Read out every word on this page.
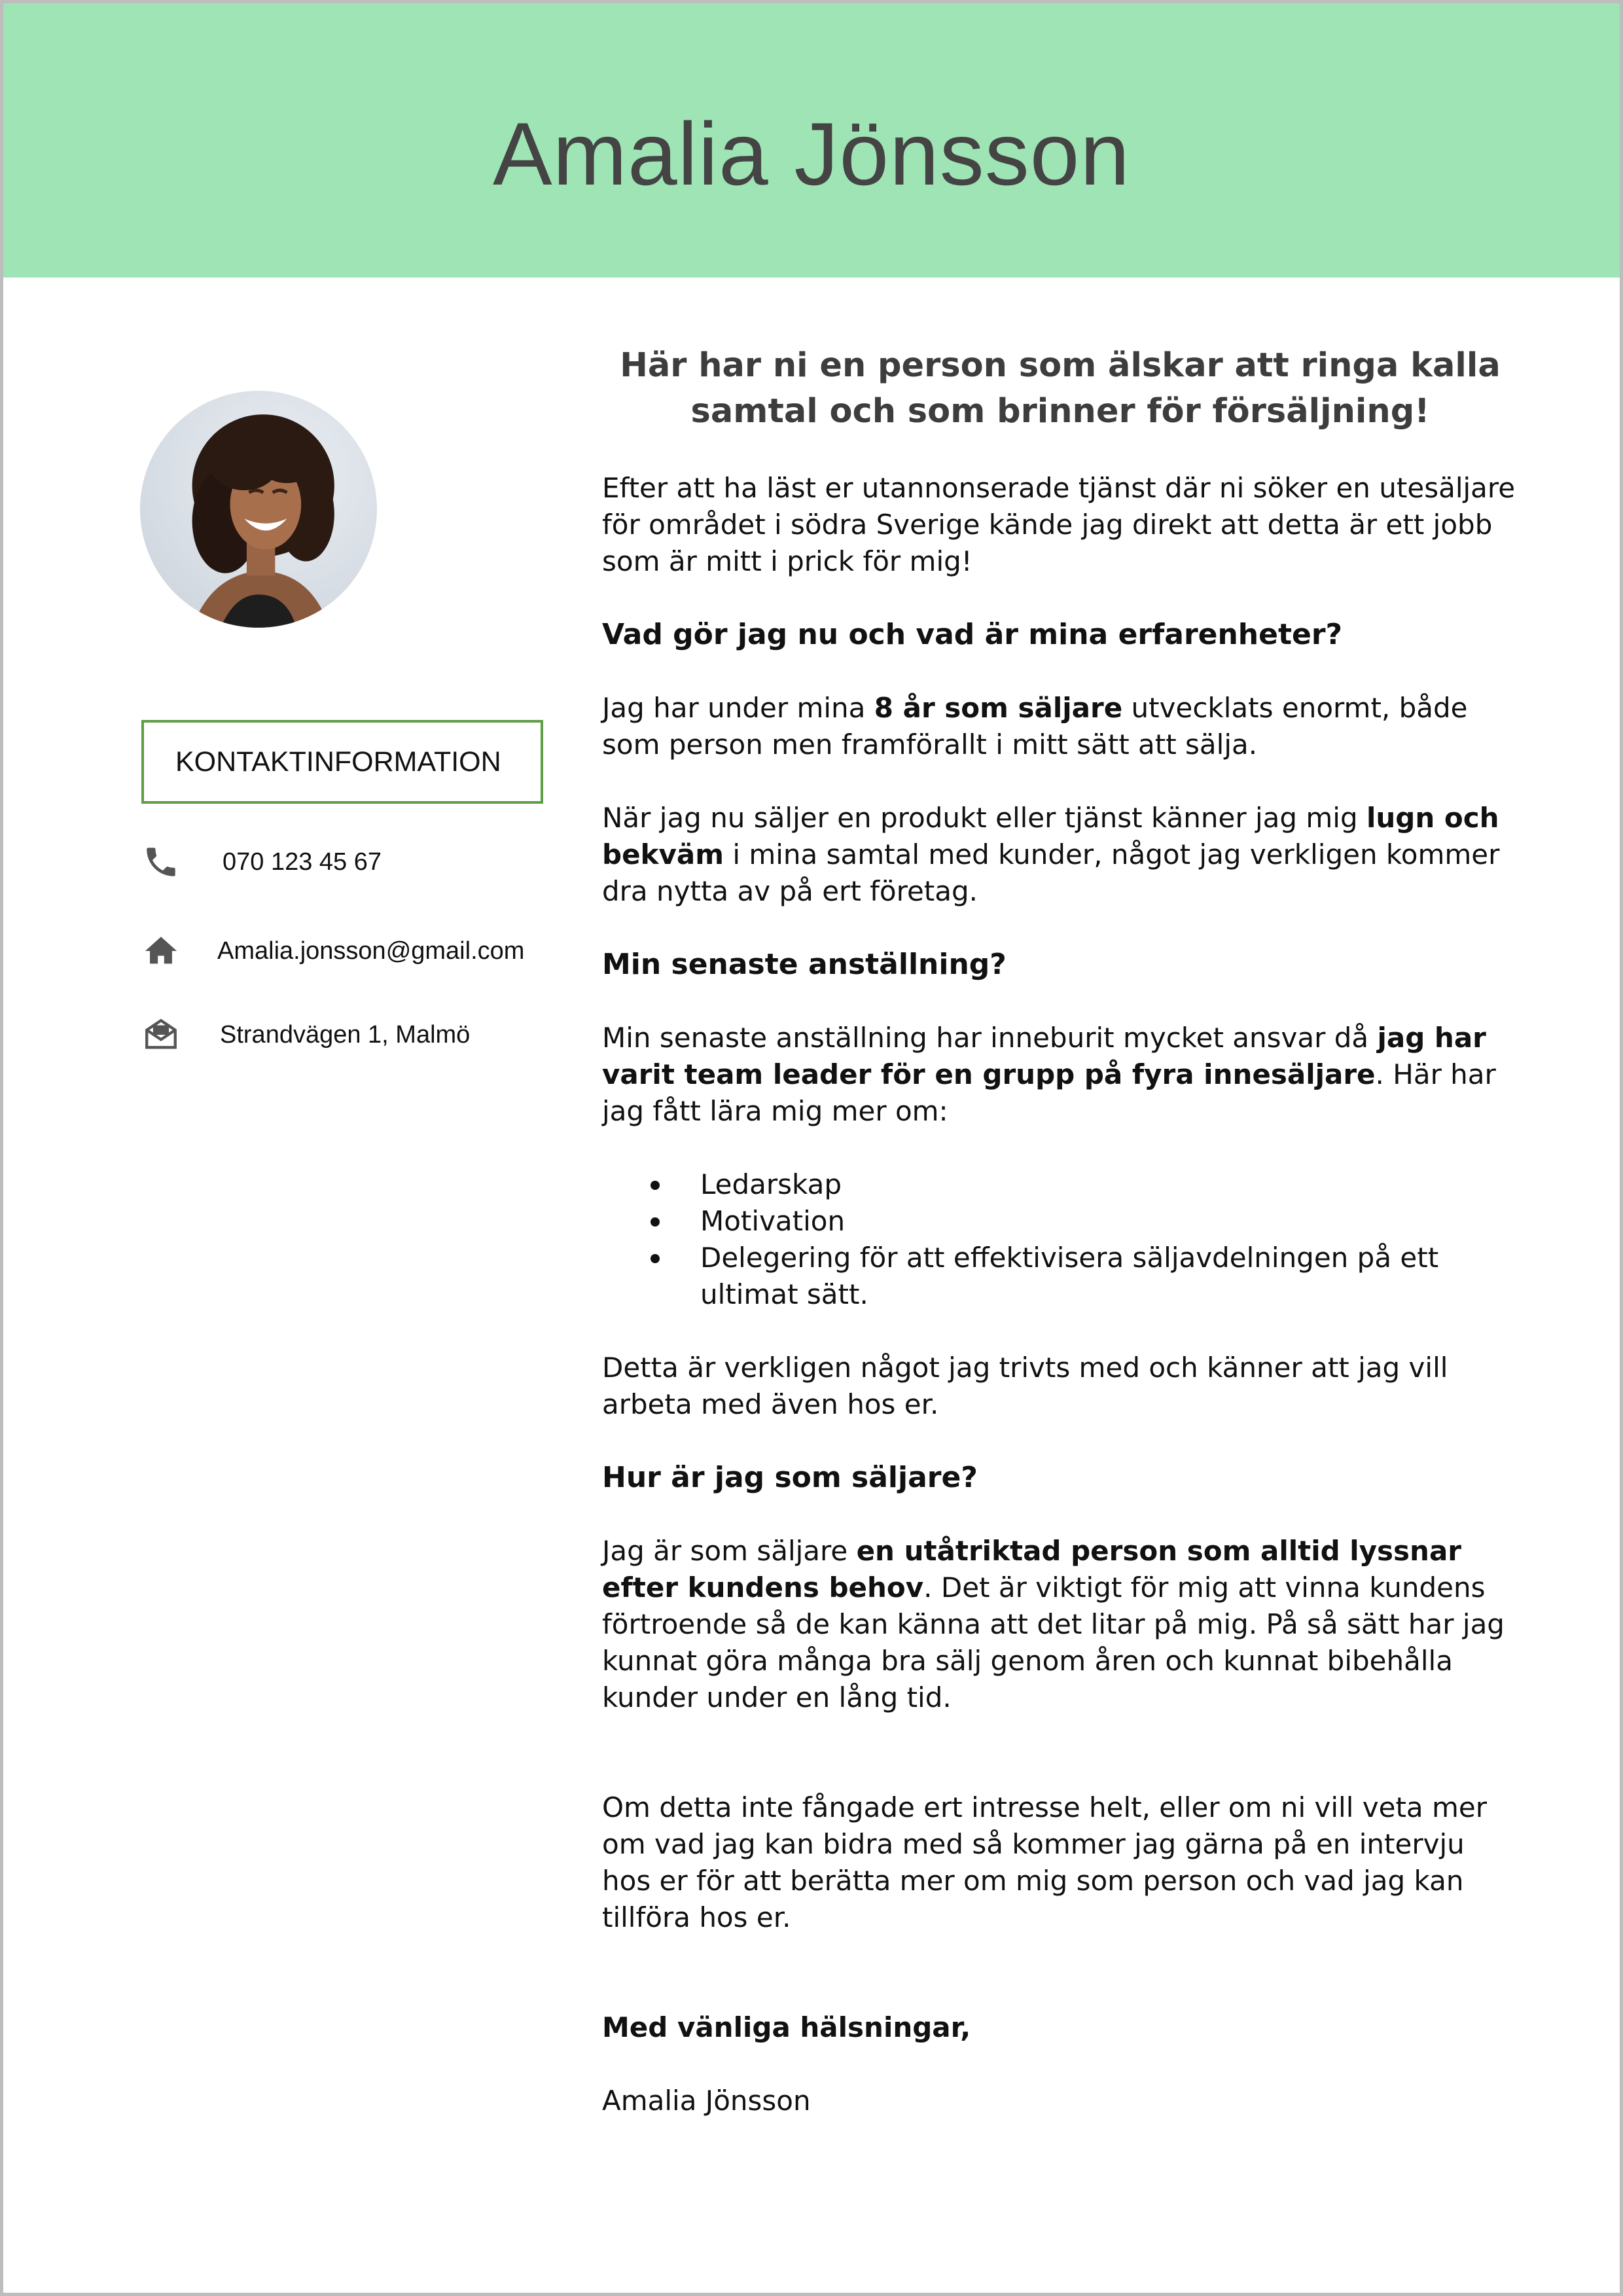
Amalia Jönsson
KONTAKTINFORMATION
070 123 45 67
Amalia.jonsson@gmail.com
Strandvägen 1, Malmö

Här har ni en person som älskar att ringa kalla samtal och som brinner för försäljning!

Efter att ha läst er utannonserade tjänst där ni söker en utesäljare för området i södra Sverige kände jag direkt att detta är ett jobb som är mitt i prick för mig!

Vad gör jag nu och vad är mina erfarenheter?

Jag har under mina 8 år som säljare utvecklats enormt, både som person men framförallt i mitt sätt att sälja.

När jag nu säljer en produkt eller tjänst känner jag mig lugn och bekväm i mina samtal med kunder, något jag verkligen kommer dra nytta av på ert företag.

Min senaste anställning?

Min senaste anställning har inneburit mycket ansvar då jag har varit team leader för en grupp på fyra innesäljare. Här har jag fått lära mig mer om:

Ledarskap
Motivation
Delegering för att effektivisera säljavdelningen på ett ultimat sätt.

Detta är verkligen något jag trivts med och känner att jag vill arbeta med även hos er.

Hur är jag som säljare?

Jag är som säljare en utåtriktad person som alltid lyssnar efter kundens behov. Det är viktigt för mig att vinna kundens förtroende så de kan känna att det litar på mig. På så sätt har jag kunnat göra många bra sälj genom åren och kunnat bibehålla kunder under en lång tid.

Om detta inte fångade ert intresse helt, eller om ni vill veta mer om vad jag kan bidra med så kommer jag gärna på en intervju hos er för att berätta mer om mig som person och vad jag kan tillföra hos er.

Med vänliga hälsningar,

Amalia Jönsson
